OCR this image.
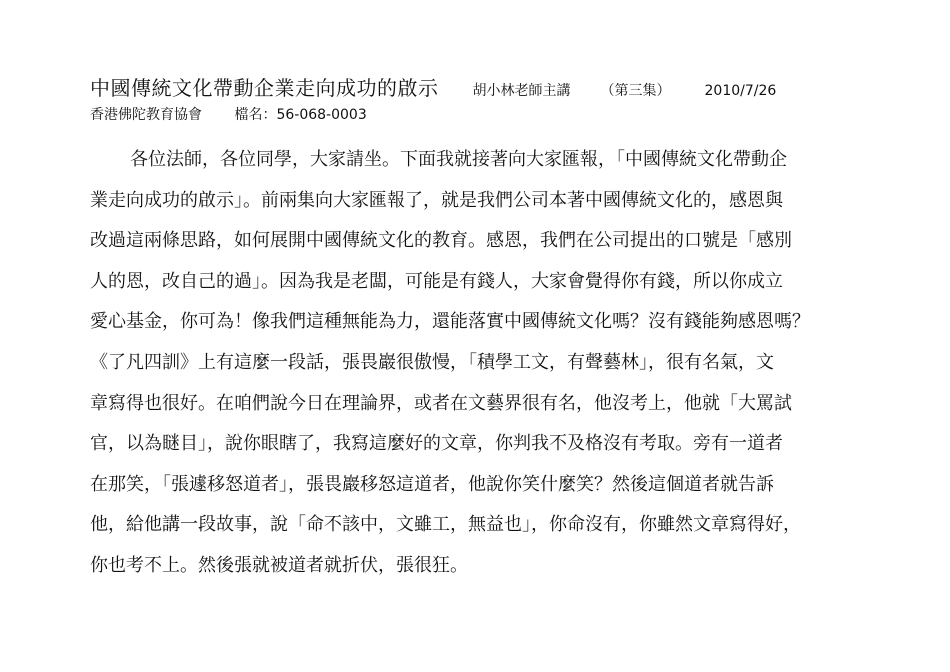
中國傳統文化帶動企業走向成功的啟示 胡小林老師主講 （第三集） 2010/7/26
香港佛陀教育協會 檔名：56-068-0003
各位法師，各位同學，大家請坐。下面我就接著向大家匯報，「中國傳統文化帶動企
業走向成功的啟示」。前兩集向大家匯報了，就是我們公司本著中國傳統文化的，感恩與
改過這兩條思路，如何展開中國傳統文化的教育。感恩，我們在公司提出的口號是「感別
人的恩，改自己的過」。因為我是老闆，可能是有錢人，大家會覺得你有錢，所以你成立
愛心基金，你可為！像我們這種無能為力，還能落實中國傳統文化嗎？沒有錢能夠感恩嗎？
《了凡四訓》上有這麼一段話，張畏巖很傲慢，「積學工文，有聲藝林」，很有名氣，文
章寫得也很好。在咱們說今日在理論界，或者在文藝界很有名，他沒考上，他就「大罵試
官，以為瞇目」，說你眼瞎了，我寫這麼好的文章，你判我不及格沒有考取。旁有一道者
在那笑，「張遽移怒道者」，張畏巖移怒這道者，他說你笑什麼笑？然後這個道者就告訴
他，給他講一段故事，說「命不該中，文雖工，無益也」，你命沒有，你雖然文章寫得好，
你也考不上。然後張就被道者就折伏，張很狂。
